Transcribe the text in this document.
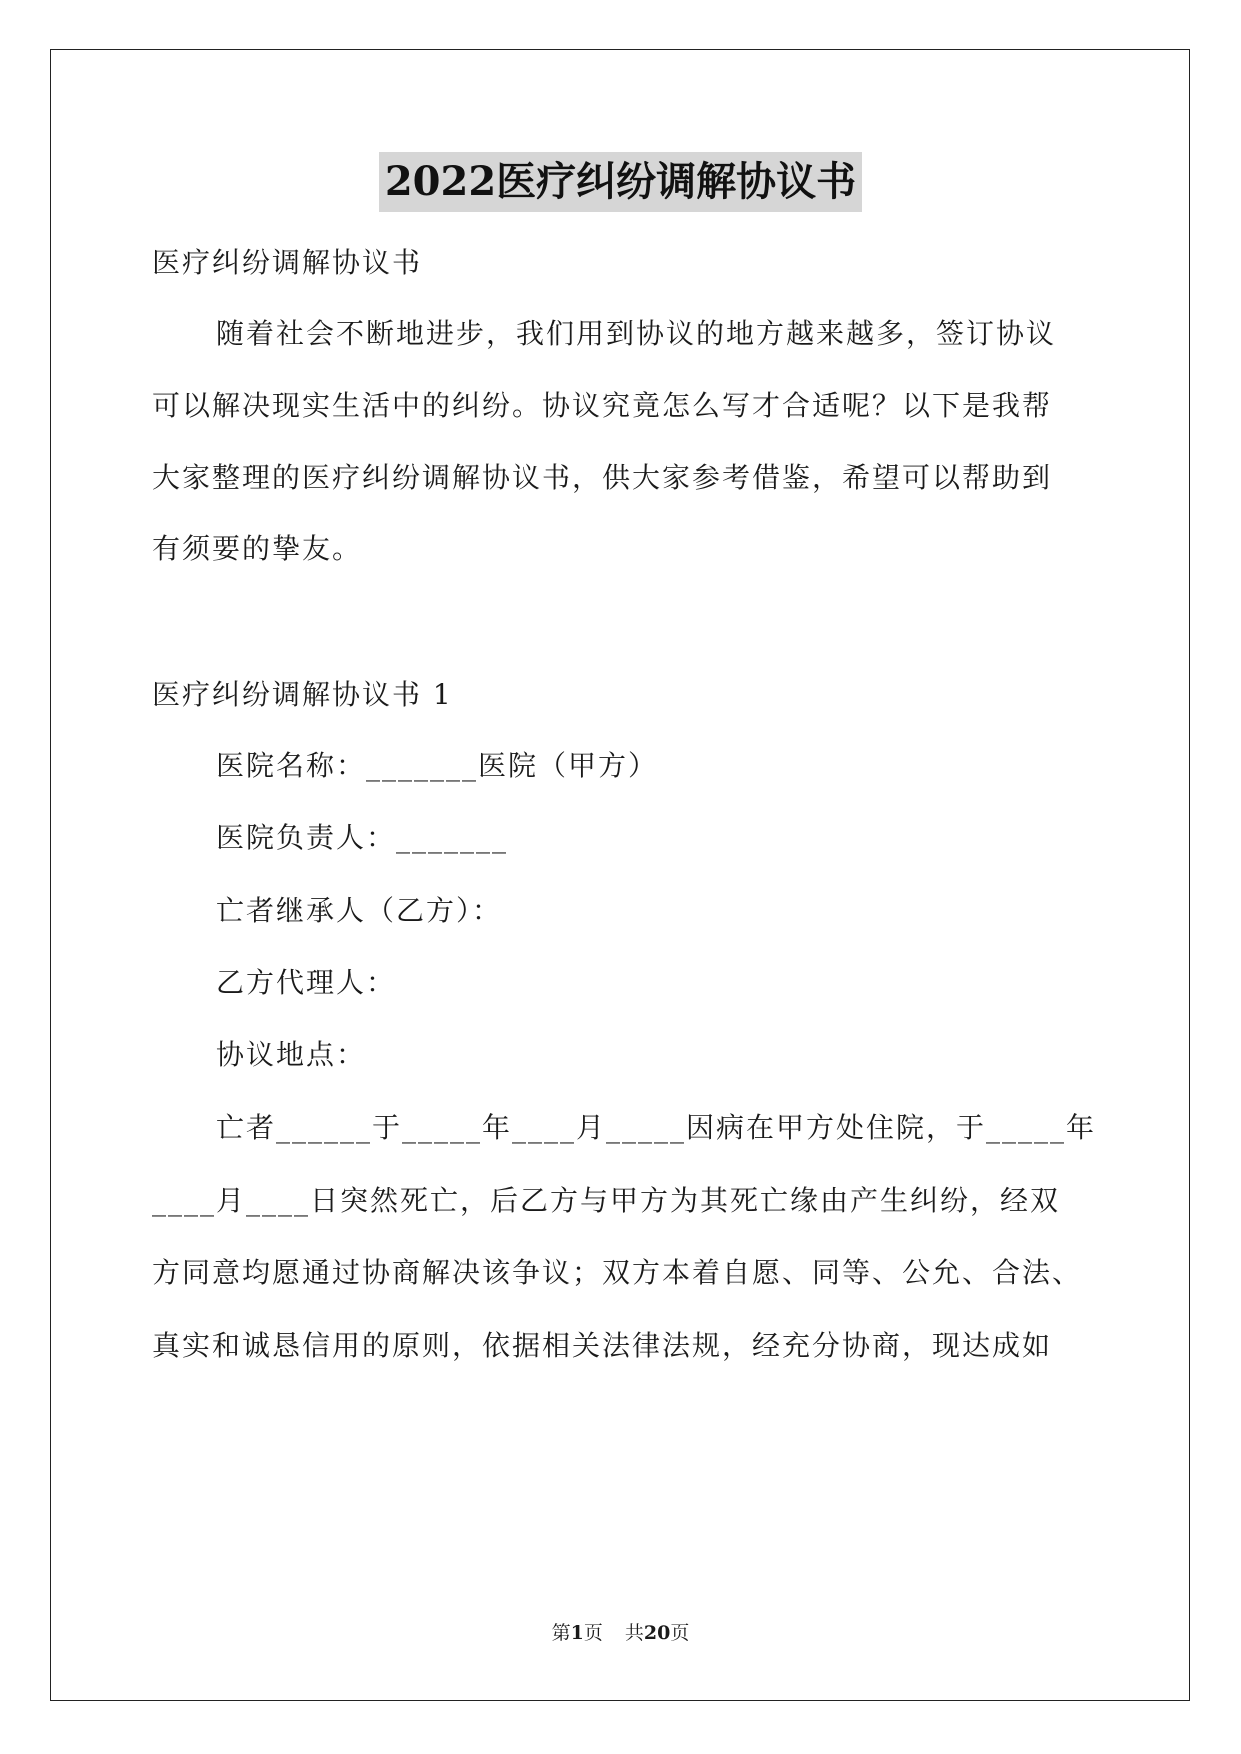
2022医疗纠纷调解协议书
医疗纠纷调解协议书
随着社会不断地进步，我们用到协议的地方越来越多，签订协议
可以解决现实生活中的纠纷。协议究竟怎么写才合适呢？以下是我帮
大家整理的医疗纠纷调解协议书，供大家参考借鉴，希望可以帮助到
有须要的挚友。
医疗纠纷调解协议书 1
医院名称：_______医院（甲方）
医院负责人：_______
亡者继承人（乙方）：
乙方代理人：
协议地点：
亡者______于_____年____月_____因病在甲方处住院，于_____年
____月____日突然死亡，后乙方与甲方为其死亡缘由产生纠纷，经双
方同意均愿通过协商解决该争议；双方本着自愿、同等、公允、合法、
真实和诚恳信用的原则，依据相关法律法规，经充分协商，现达成如
第1页 共20页
